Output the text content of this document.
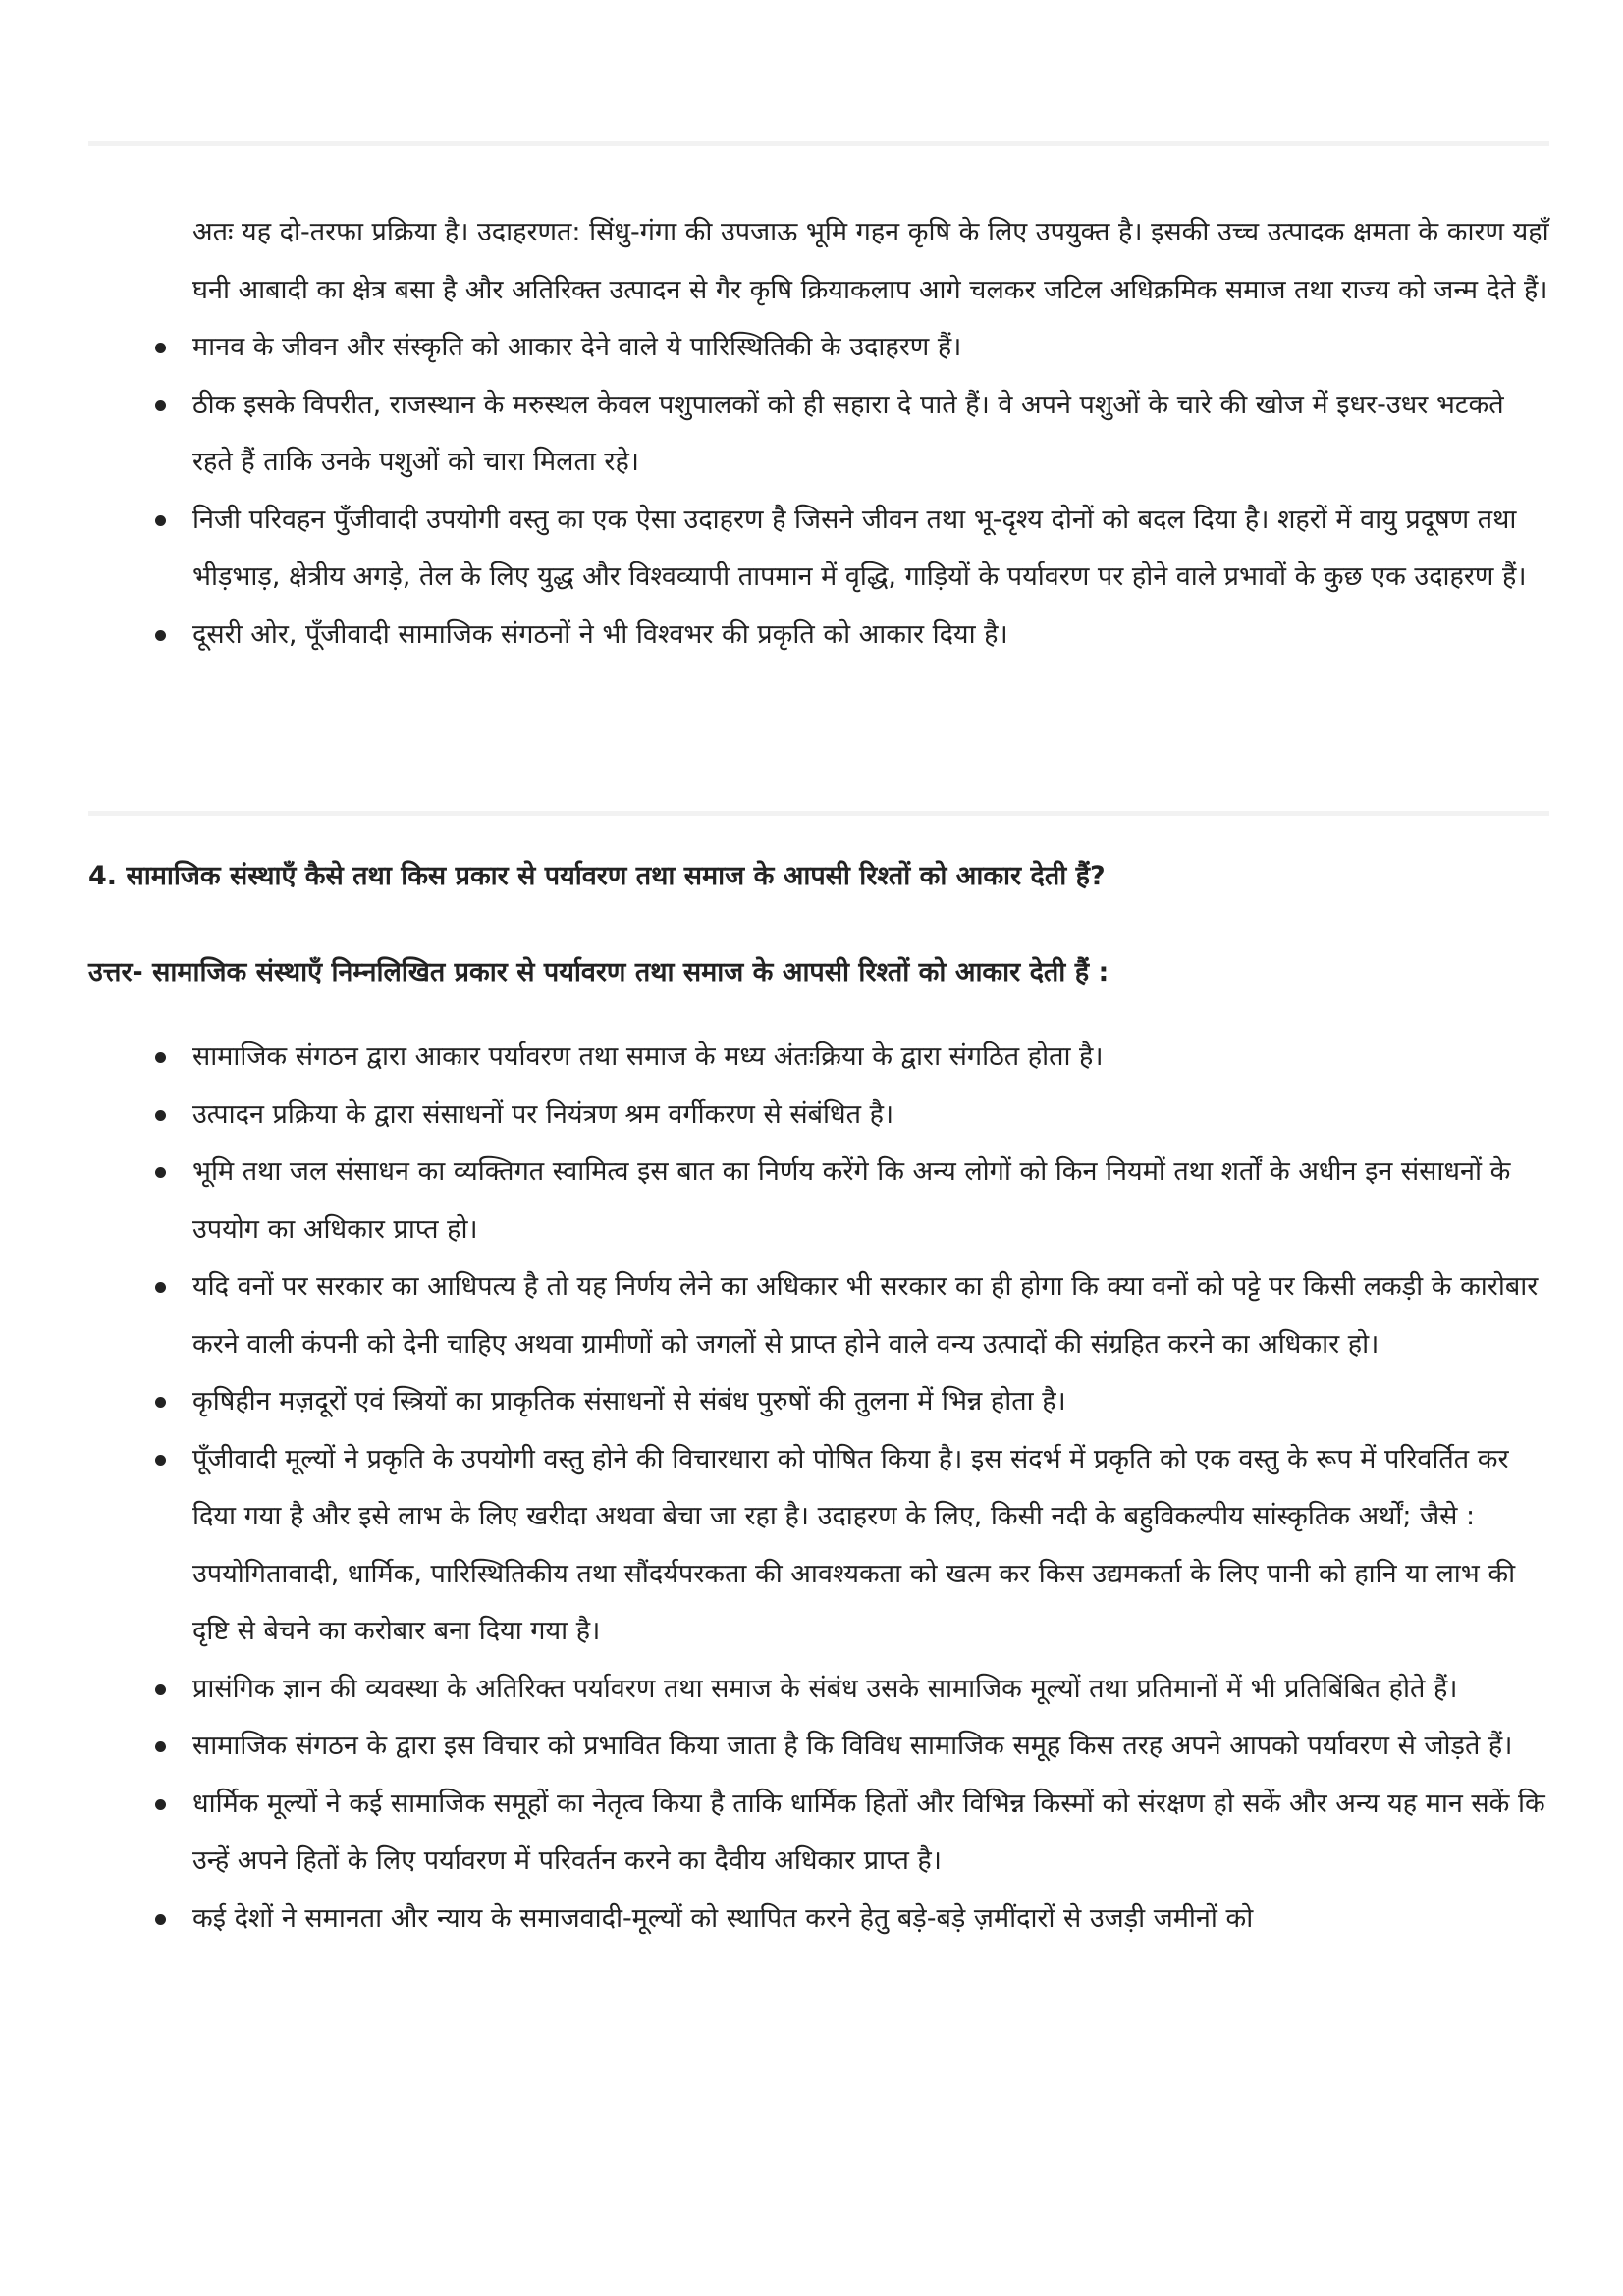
अतः यह दो-तरफा प्रक्रिया है। उदाहरणत: सिंधु-गंगा की उपजाऊ भूमि गहन कृषि के लिए उपयुक्त है। इसकी उच्च उत्पादक क्षमता के कारण यहाँ घनी आबादी का क्षेत्र बसा है और अतिरिक्त उत्पादन से गैर कृषि क्रियाकलाप आगे चलकर जटिल अधिक्रमिक समाज तथा राज्य को जन्म देते हैं।

मानव के जीवन और संस्कृति को आकार देने वाले ये पारिस्थितिकी के उदाहरण हैं।
ठीक इसके विपरीत, राजस्थान के मरुस्थल केवल पशुपालकों को ही सहारा दे पाते हैं। वे अपने पशुओं के चारे की खोज में इधर-उधर भटकते रहते हैं ताकि उनके पशुओं को चारा मिलता रहे।
निजी परिवहन पुँजीवादी उपयोगी वस्तु का एक ऐसा उदाहरण है जिसने जीवन तथा भू-दृश्य दोनों को बदल दिया है। शहरों में वायु प्रदूषण तथा भीड़भाड़, क्षेत्रीय अगड़े, तेल के लिए युद्ध और विश्वव्यापी तापमान में वृद्धि, गाड़ियों के पर्यावरण पर होने वाले प्रभावों के कुछ एक उदाहरण हैं।
दूसरी ओर, पूँजीवादी सामाजिक संगठनों ने भी विश्वभर की प्रकृति को आकार दिया है।

4. सामाजिक संस्थाएँ कैसे तथा किस प्रकार से पर्यावरण तथा समाज के आपसी रिश्तों को आकार देती हैं?

उत्तर- सामाजिक संस्थाएँ निम्नलिखित प्रकार से पर्यावरण तथा समाज के आपसी रिश्तों को आकार देती हैं :

सामाजिक संगठन द्वारा आकार पर्यावरण तथा समाज के मध्य अंतःक्रिया के द्वारा संगठित होता है।
उत्पादन प्रक्रिया के द्वारा संसाधनों पर नियंत्रण श्रम वर्गीकरण से संबंधित है।
भूमि तथा जल संसाधन का व्यक्तिगत स्वामित्व इस बात का निर्णय करेंगे कि अन्य लोगों को किन नियमों तथा शर्तों के अधीन इन संसाधनों के उपयोग का अधिकार प्राप्त हो।
यदि वनों पर सरकार का आधिपत्य है तो यह निर्णय लेने का अधिकार भी सरकार का ही होगा कि क्या वनों को पट्टे पर किसी लकड़ी के कारोबार करने वाली कंपनी को देनी चाहिए अथवा ग्रामीणों को जगलों से प्राप्त होने वाले वन्य उत्पादों की संग्रहित करने का अधिकार हो।
कृषिहीन मज़दूरों एवं स्त्रियों का प्राकृतिक संसाधनों से संबंध पुरुषों की तुलना में भिन्न होता है।
पूँजीवादी मूल्यों ने प्रकृति के उपयोगी वस्तु होने की विचारधारा को पोषित किया है। इस संदर्भ में प्रकृति को एक वस्तु के रूप में परिवर्तित कर दिया गया है और इसे लाभ के लिए खरीदा अथवा बेचा जा रहा है। उदाहरण के लिए, किसी नदी के बहुविकल्पीय सांस्कृतिक अर्थों; जैसे : उपयोगितावादी, धार्मिक, पारिस्थितिकीय तथा सौंदर्यपरकता की आवश्यकता को खत्म कर किस उद्यमकर्ता के लिए पानी को हानि या लाभ की दृष्टि से बेचने का करोबार बना दिया गया है।
प्रासंगिक ज्ञान की व्यवस्था के अतिरिक्त पर्यावरण तथा समाज के संबंध उसके सामाजिक मूल्यों तथा प्रतिमानों में भी प्रतिबिंबित होते हैं।
सामाजिक संगठन के द्वारा इस विचार को प्रभावित किया जाता है कि विविध सामाजिक समूह किस तरह अपने आपको पर्यावरण से जोड़ते हैं।
धार्मिक मूल्यों ने कई सामाजिक समूहों का नेतृत्व किया है ताकि धार्मिक हितों और विभिन्न किस्मों को संरक्षण हो सकें और अन्य यह मान सकें कि उन्हें अपने हितों के लिए पर्यावरण में परिवर्तन करने का दैवीय अधिकार प्राप्त है।
कई देशों ने समानता और न्याय के समाजवादी-मूल्यों को स्थापित करने हेतु बड़े-बड़े ज़मींदारों से उजड़ी जमीनों को
